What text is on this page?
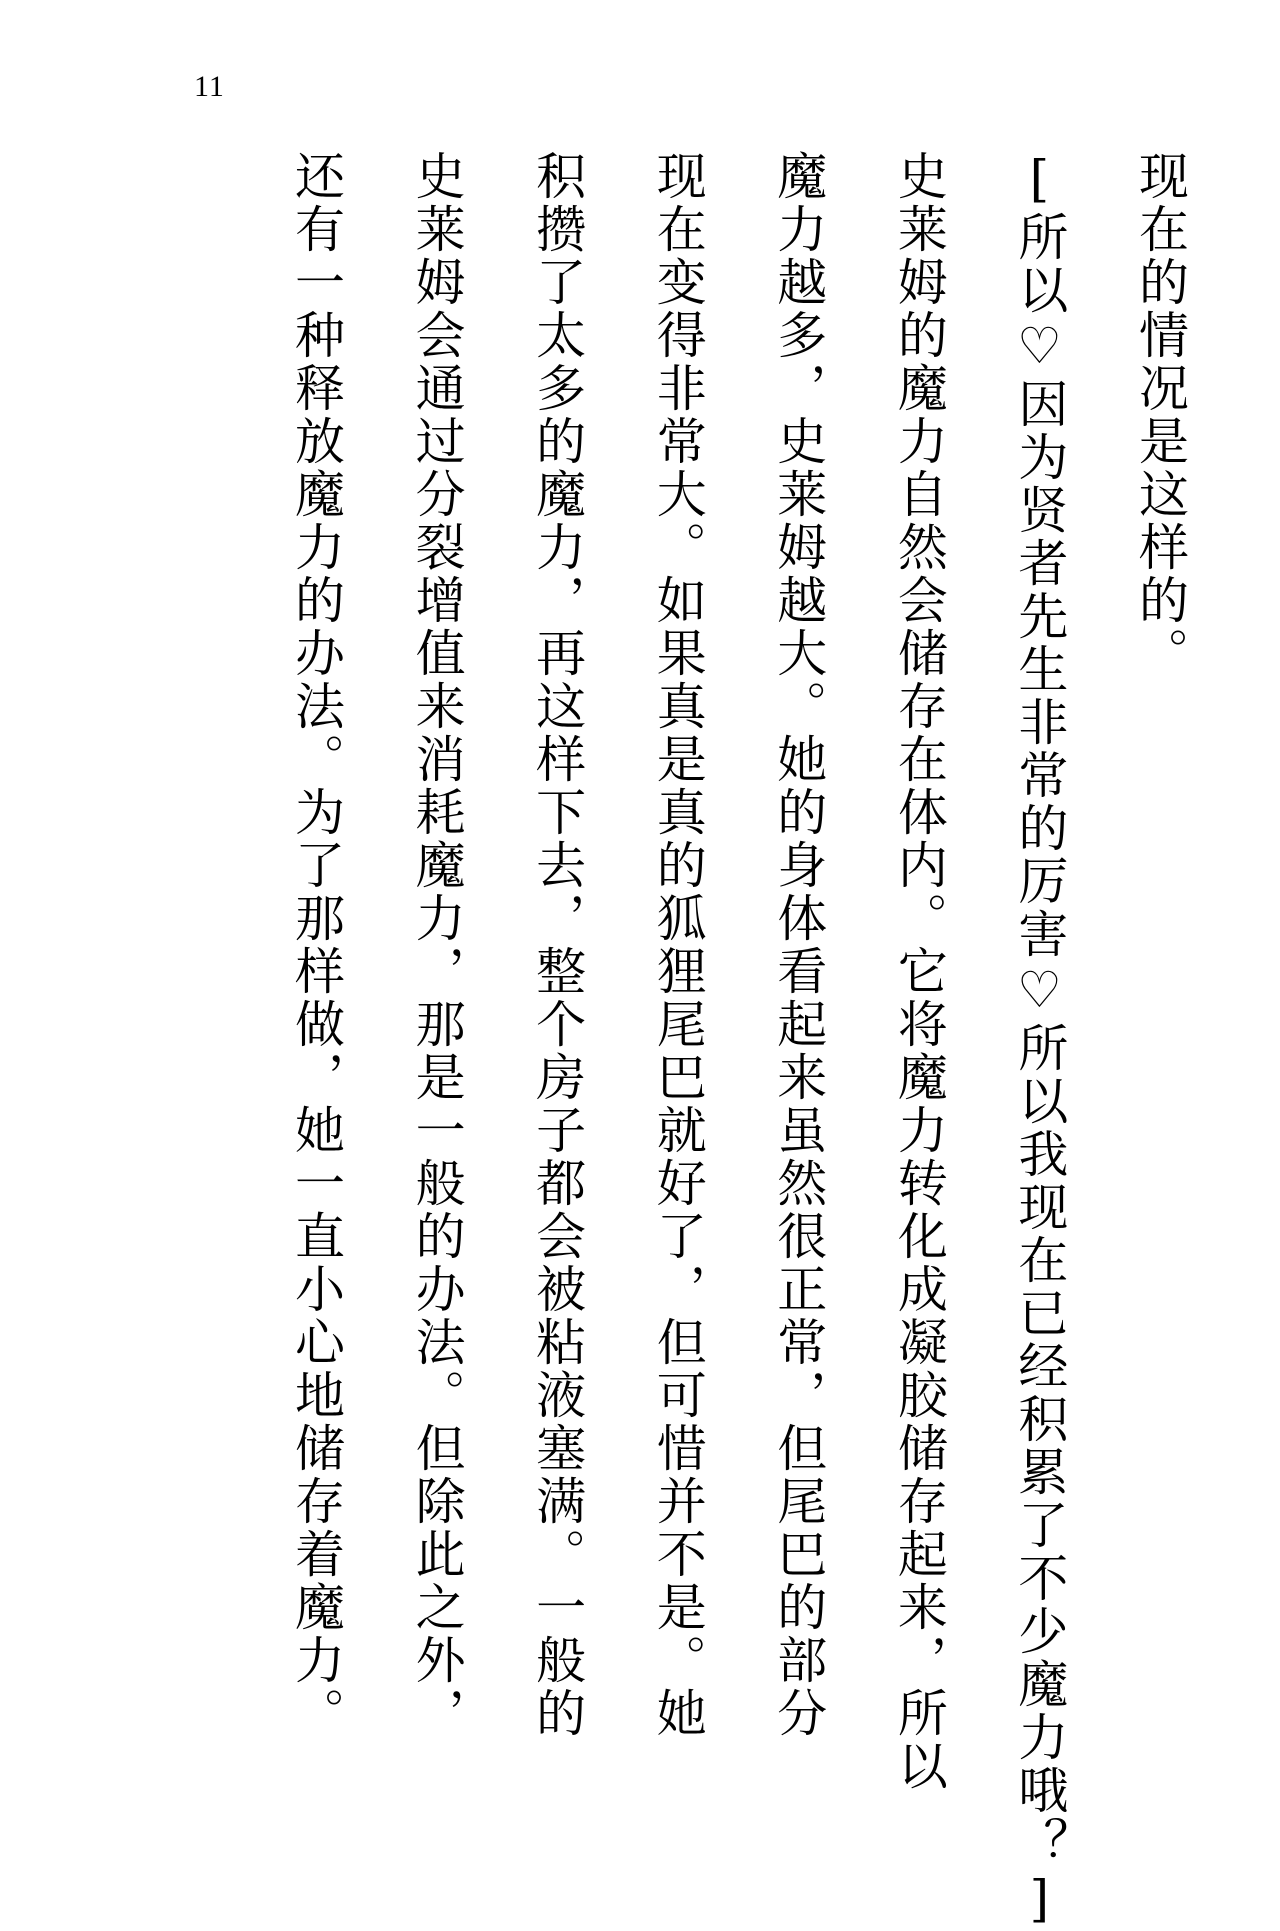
11
现在的情况是这样的。
[所以♡因为贤者先生非常的厉害♡所以我现在已经积累了不少魔力哦？]
史莱姆的魔力自然会储存在体内。它将魔力转化成凝胶储存起来，所以
魔力越多，史莱姆越大。她的身体看起来虽然很正常，但尾巴的部分
现在变得非常大。如果真是真的狐狸尾巴就好了，但可惜并不是。她
积攒了太多的魔力，再这样下去，整个房子都会被粘液塞满。一般的
史莱姆会通过分裂增值来消耗魔力，那是一般的办法。但除此之外，
还有一种释放魔力的办法。为了那样做，她一直小心地储存着魔力。
